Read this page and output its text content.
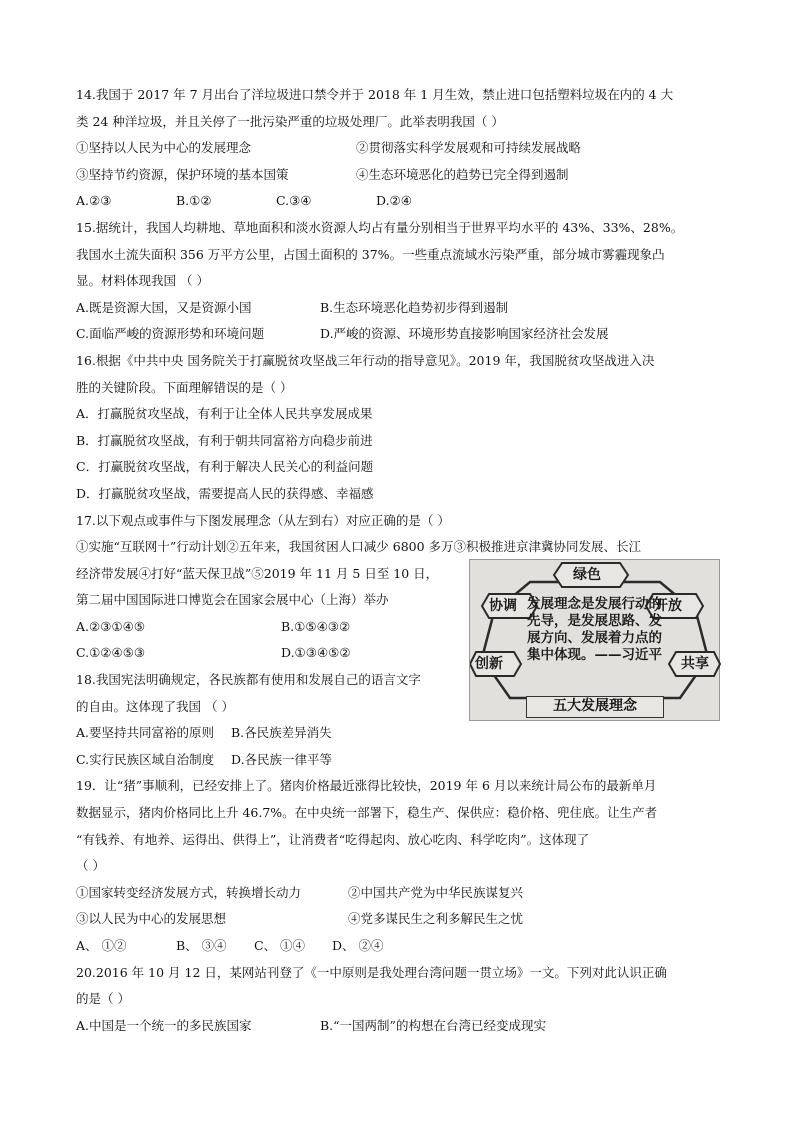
14.我国于 2017 年 7 月出台了洋垃圾进口禁令并于 2018 年 1 月生效，禁止进口包括塑料垃圾在内的 4 大
类 24 种洋垃圾，并且关停了一批污染严重的垃圾处理厂。此举表明我国（ ）
①坚持以人民为中心的发展理念	②贯彻落实科学发展观和可持续发展战略
③坚持节约资源，保护环境的基本国策	④生态环境恶化的趋势已完全得到遏制
A.②③	B.①②	C.③④	D.②④
15.据统计，我国人均耕地、草地面积和淡水资源人均占有量分别相当于世界平均水平的 43%、33%、28%。
我国水土流失面积 356 万平方公里，占国土面积的 37%。一些重点流域水污染严重，部分城市雾霾现象凸
显。材料体现我国 （ ）
A.既是资源大国，又是资源小国	B.生态环境恶化趋势初步得到遏制
C.面临严峻的资源形势和环境问题	D.严峻的资源、环境形势直接影响国家经济社会发展
16.根据《中共中央 国务院关于打赢脱贫攻坚战三年行动的指导意见》。2019 年，我国脱贫攻坚战进入决
胜的关键阶段。下面理解错误的是（ ）
A．打赢脱贫攻坚战，有利于让全体人民共享发展成果
B．打赢脱贫攻坚战，有利于朝共同富裕方向稳步前进
C．打赢脱贫攻坚战，有利于解决人民关心的利益问题
D．打赢脱贫攻坚战，需要提高人民的获得感、幸福感
17.以下观点或事件与下图发展理念（从左到右）对应正确的是（ ）
①实施“互联网十”行动计划②五年来，我国贫困人口减少 6800 多万③积极推进京津冀协同发展、长江
经济带发展④打好“蓝天保卫战”⑤2019 年 11 月 5 日至 10 日，
第二届中国国际进口博览会在国家会展中心（上海）举办
A.②③①④⑤	B.①⑤④③②
C.①②④⑤③	D.①③④⑤②
18.我国宪法明确规定，各民族都有使用和发展自己的语言文字
的自由。这体现了我国 （ ）
A.要坚持共同富裕的原则	B.各民族差异消失
C.实行民族区域自治制度	D.各民族一律平等
19．让“猪”事顺利，已经安排上了。猪肉价格最近涨得比较快，2019 年 6 月以来统计局公布的最新单月
数据显示，猪肉价格同比上升 46.7%。在中央统一部署下，稳生产、保供应：稳价格、兜住底。让生产者
“有钱养、有地养、运得出、供得上”，让消费者“吃得起肉、放心吃肉、科学吃肉”。这体现了
（ ）
①国家转变经济发展方式，转换增长动力	②中国共产党为中华民族谋复兴
③以人民为中心的发展思想	④党多谋民生之利多解民生之忧
A、 ①②	B、 ③④	C、 ①④	D、 ②④
20.2016 年 10 月 12 日，某网站刊登了《一中原则是我处理台湾问题一贯立场》一文。下列对此认识正确
的是（ ）
A.中国是一个统一的多民族国家	B.“一国两制”的构想在台湾已经变成现实
绿色
协调	开放
创新	共享
发展理念是发展行动的先导，是发展思路、发展方向、发展着力点的集中体现。——习近平
五大发展理念
